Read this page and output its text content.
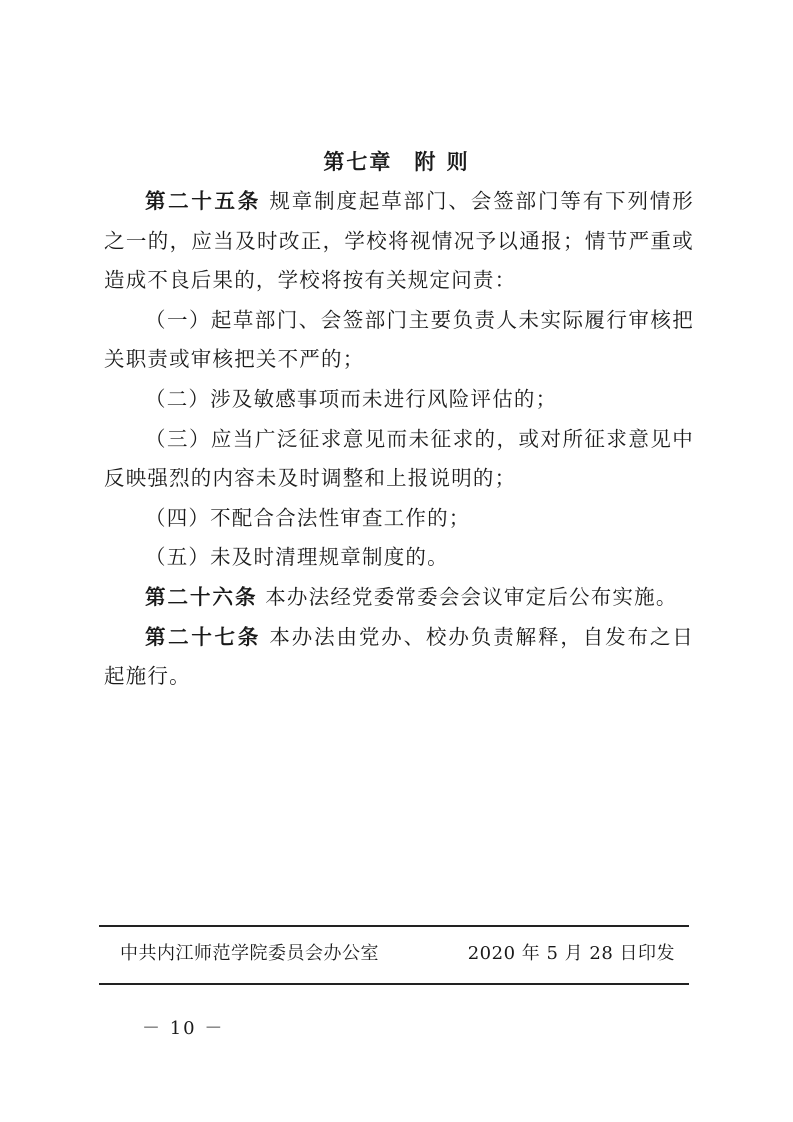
第七章 附 则

第二十五条 规章制度起草部门、会签部门等有下列情形之一的，应当及时改正，学校将视情况予以通报；情节严重或造成不良后果的，学校将按有关规定问责：

（一）起草部门、会签部门主要负责人未实际履行审核把关职责或审核把关不严的；

（二）涉及敏感事项而未进行风险评估的；

（三）应当广泛征求意见而未征求的，或对所征求意见中反映强烈的内容未及时调整和上报说明的；

（四）不配合合法性审查工作的；

（五）未及时清理规章制度的。

第二十六条 本办法经党委常委会会议审定后公布实施。

第二十七条 本办法由党办、校办负责解释，自发布之日起施行。

中共内江师范学院委员会办公室	2020 年 5 月 28 日印发
－ 10 －
